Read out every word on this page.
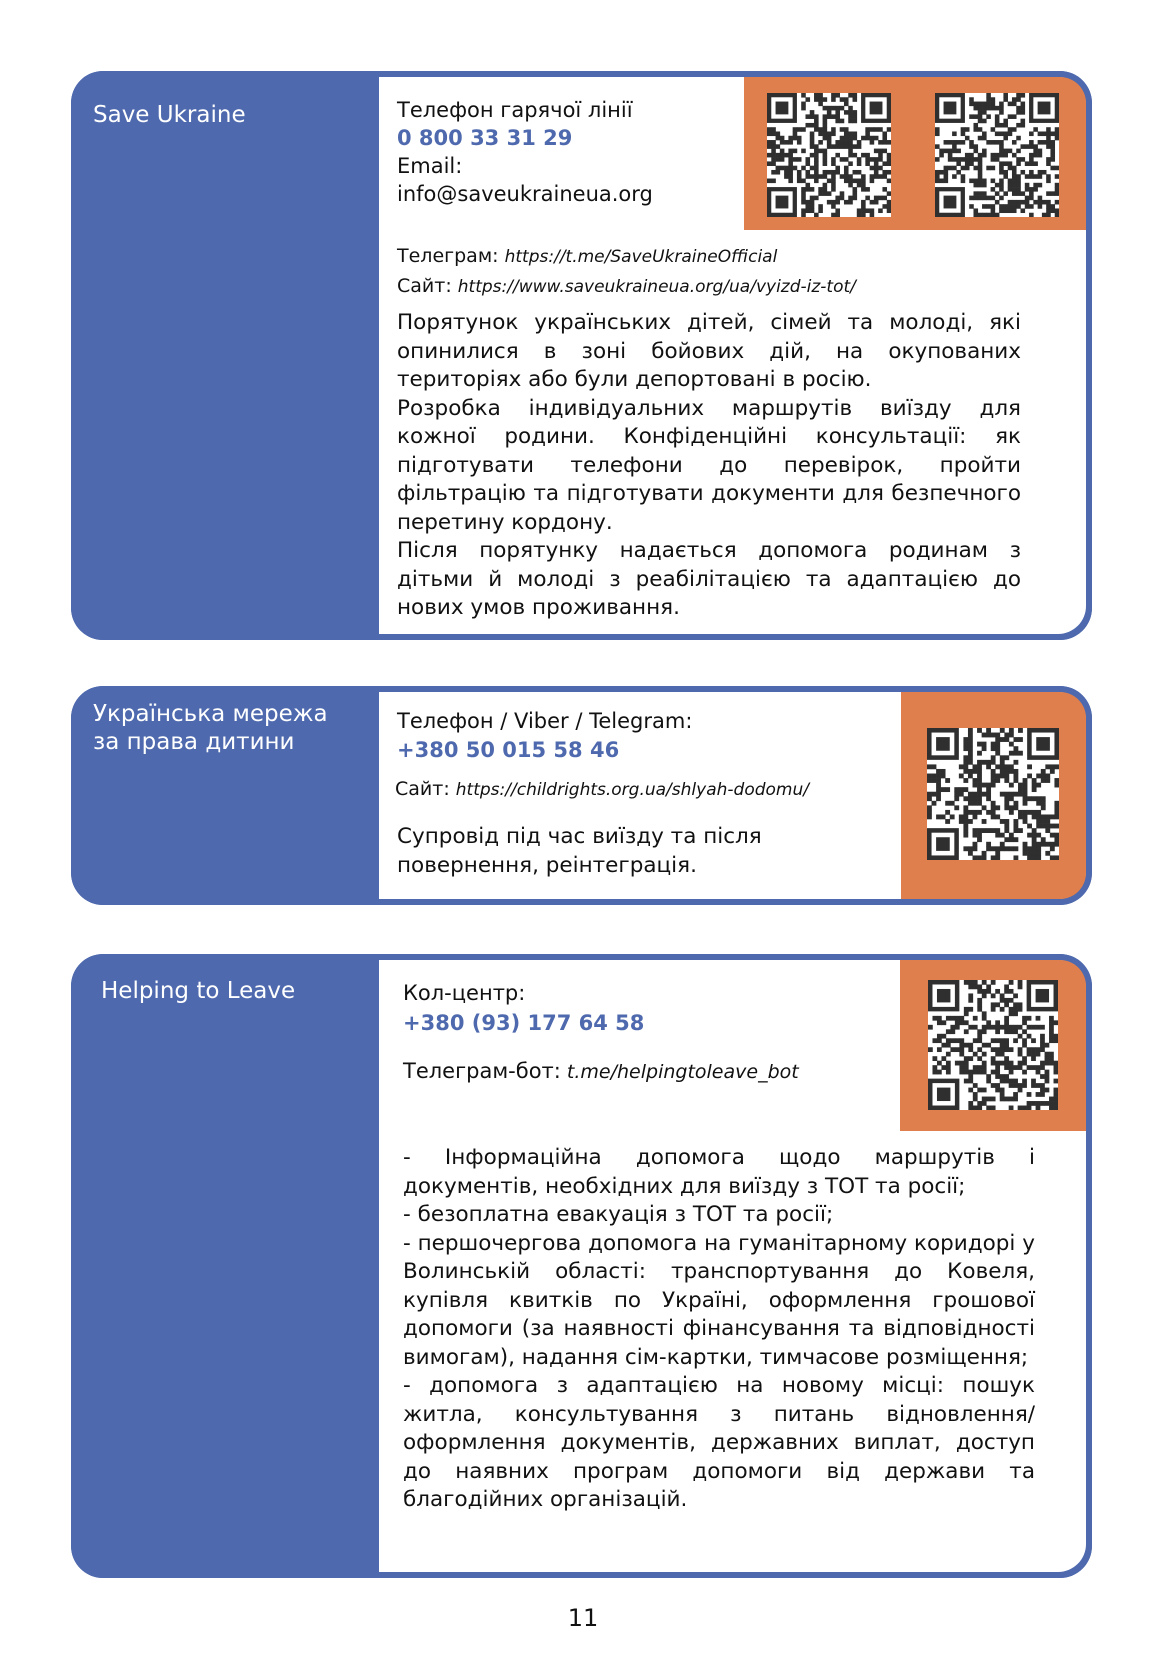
Save Ukraine	Телефон гарячої лінії
0 800 33 31 29
Email:
info@saveukraineua.org
Телеграм: https://t.me/SaveUkraineOfficial
Сайт: https://www.saveukraineua.org/ua/vyizd-iz-tot/

Порятунок українських дітей, сімей та молоді, які опинилися в зоні бойових дій, на окупованих територіях або були депортовані в росію.

Розробка індивідуальних маршрутів виїзду для кожної родини. Конфіденційні консультації: як підготувати телефони до перевірок, пройти фільтрацію та підготувати документи для безпечного перетину кордону.

Після порятунку надається допомога родинам з дітьми й молоді з реабілітацією та адаптацією до нових умов проживання.

Українська мережа за права дитини
Телефон / Viber / Telegram:
+380 50 015 58 46
Сайт: https://childrights.org.ua/shlyah-dodomu/

Супровід під час виїзду та після повернення, реінтеграція.

Helping to Leave	Кол-центр:
+380 (93) 177 64 58
Телеграм-бот: t.me/helpingtoleave_bot

- Інформаційна допомога щодо маршрутів і документів, необхідних для виїзду з ТОТ та росії;

- безоплатна евакуація з ТОТ та росії;

- першочергова допомога на гуманітарному коридорі у Волинській області: транспортування до Ковеля, купівля квитків по Україні, оформлення грошової допомоги (за наявності фінансування та відповідності вимогам), надання сім-картки, тимчасове розміщення;

- допомога з адаптацією на новому місці: пошук житла, консультування з питань відновлення/оформлення документів, державних виплат, доступ до наявних програм допомоги від держави та благодійних організацій.

11
